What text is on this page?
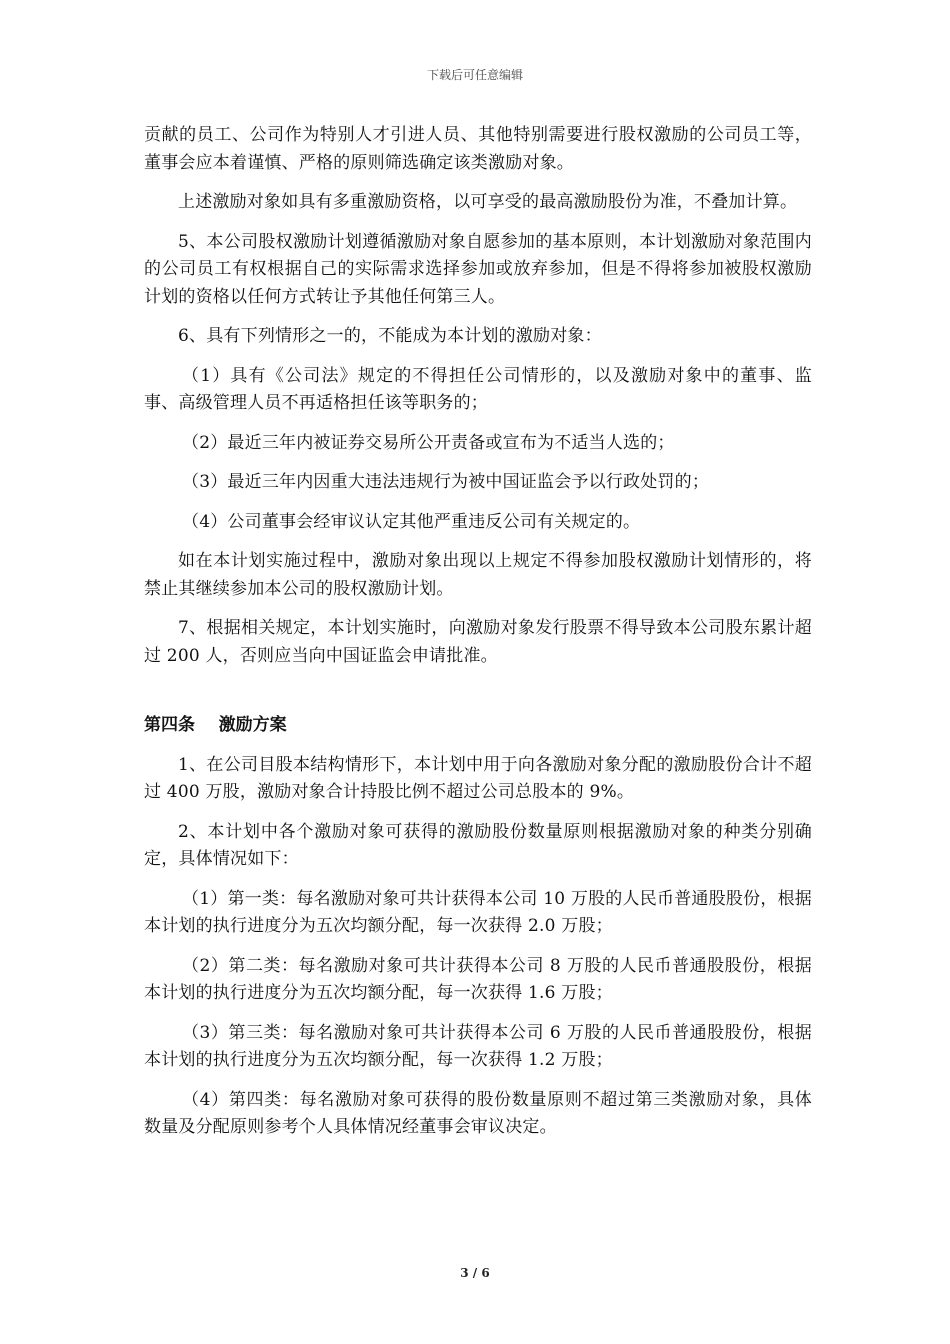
下载后可任意编辑

贡献的员工、公司作为特别人才引进人员、其他特别需要进行股权激励的公司员工等，董事会应本着谨慎、严格的原则筛选确定该类激励对象。

上述激励对象如具有多重激励资格，以可享受的最高激励股份为准，不叠加计算。

5、本公司股权激励计划遵循激励对象自愿参加的基本原则，本计划激励对象范围内的公司员工有权根据自己的实际需求选择参加或放弃参加，但是不得将参加被股权激励计划的资格以任何方式转让予其他任何第三人。

6、具有下列情形之一的，不能成为本计划的激励对象：

（1）具有《公司法》规定的不得担任公司情形的，以及激励对象中的董事、监事、高级管理人员不再适格担任该等职务的；

（2）最近三年内被证券交易所公开责备或宣布为不适当人选的；

（3）最近三年内因重大违法违规行为被中国证监会予以行政处罚的；

（4）公司董事会经审议认定其他严重违反公司有关规定的。

如在本计划实施过程中，激励对象出现以上规定不得参加股权激励计划情形的，将禁止其继续参加本公司的股权激励计划。

7、根据相关规定，本计划实施时，向激励对象发行股票不得导致本公司股东累计超过 200 人，否则应当向中国证监会申请批准。

第四条    激励方案

1、在公司目股本结构情形下，本计划中用于向各激励对象分配的激励股份合计不超过 400 万股，激励对象合计持股比例不超过公司总股本的 9%。

2、本计划中各个激励对象可获得的激励股份数量原则根据激励对象的种类分别确定，具体情况如下：

（1）第一类：每名激励对象可共计获得本公司 10 万股的人民币普通股股份，根据本计划的执行进度分为五次均额分配，每一次获得 2.0 万股；

（2）第二类：每名激励对象可共计获得本公司 8 万股的人民币普通股股份，根据本计划的执行进度分为五次均额分配，每一次获得 1.6 万股；

（3）第三类：每名激励对象可共计获得本公司 6 万股的人民币普通股股份，根据本计划的执行进度分为五次均额分配，每一次获得 1.2 万股；

（4）第四类：每名激励对象可获得的股份数量原则不超过第三类激励对象，具体数量及分配原则参考个人具体情况经董事会审议决定。

3 / 6
